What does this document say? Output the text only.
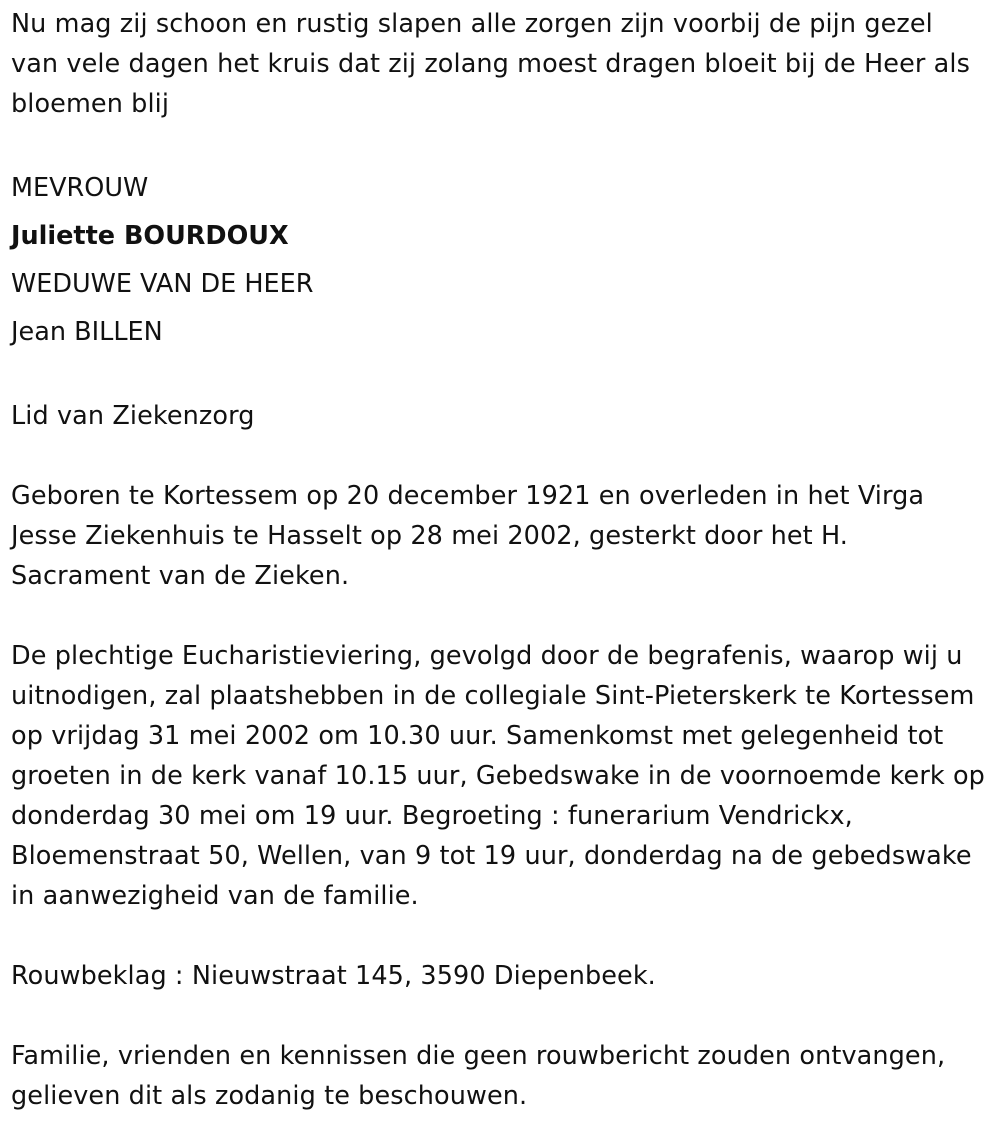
Nu mag zij schoon en rustig slapen alle zorgen zijn voorbij de pijn gezel van vele dagen het kruis dat zij zolang moest dragen bloeit bij de Heer als bloemen blij

MEVROUW
Juliette BOURDOUX
WEDUWE VAN DE HEER
Jean BILLEN

Lid van Ziekenzorg

Geboren te Kortessem op 20 december 1921 en overleden in het Virga Jesse Ziekenhuis te Hasselt op 28 mei 2002, gesterkt door het H. Sacrament van de Zieken.

De plechtige Eucharistieviering, gevolgd door de begrafenis, waarop wij u uitnodigen, zal plaatshebben in de collegiale Sint-Pieterskerk te Kortessem op vrijdag 31 mei 2002 om 10.30 uur. Samenkomst met gelegenheid tot groeten in de kerk vanaf 10.15 uur, Gebedswake in de voornoemde kerk op donderdag 30 mei om 19 uur. Begroeting : funerarium Vendrickx, Bloemenstraat 50, Wellen, van 9 tot 19 uur, donderdag na de gebedswake in aanwezigheid van de familie.

Rouwbeklag : Nieuwstraat 145, 3590 Diepenbeek.

Familie, vrienden en kennissen die geen rouwbericht zouden ontvangen, gelieven dit als zodanig te beschouwen.
